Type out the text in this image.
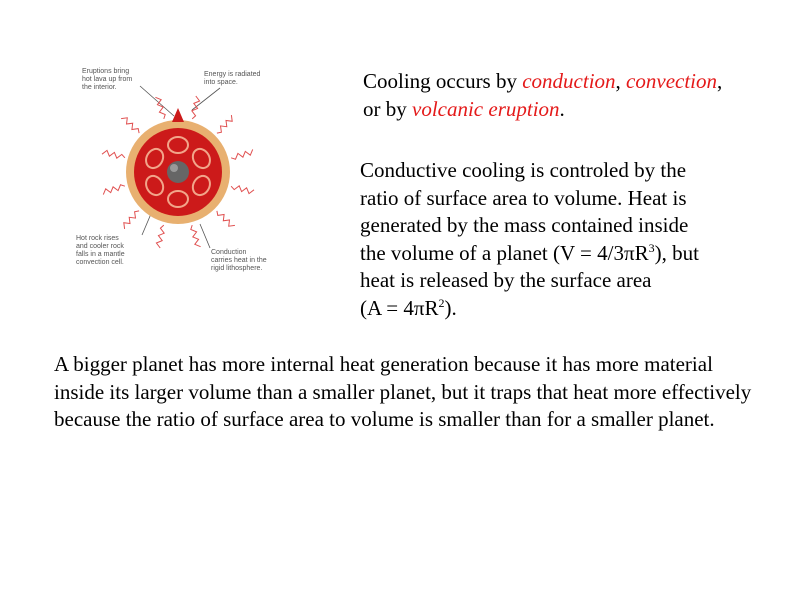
Eruptions bring
hot lava up from
the interior.
Energy is radiated
into space.
Hot rock rises
and cooler rock
falls in a mantle
convection cell.
Conduction
carries heat in the
rigid lithosphere.
Cooling occurs by conduction, convection,
or by volcanic eruption.
Conductive cooling is controled by the
ratio of surface area to volume. Heat is
generated by the mass contained inside
the volume of a planet $(V = 4/3\pi R^3)$, but
heat is released by the surface area
$(A = 4\pi R^2)$.
A bigger planet has more internal heat generation because it has more material inside its larger volume than a smaller planet, but it traps that heat more effectively because the ratio of surface area to volume is smaller than for a smaller planet.
